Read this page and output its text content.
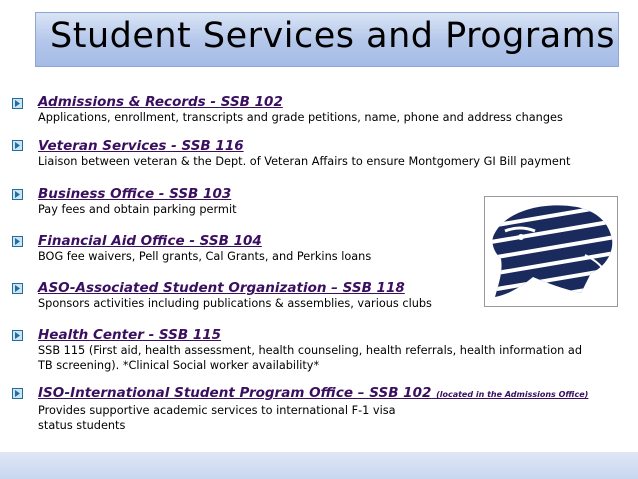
Student Services and Programs
Admissions & Records - SSB 102
Applications, enrollment, transcripts and grade petitions, name, phone and address changes
Veteran Services - SSB 116
Liaison between veteran & the Dept. of Veteran Affairs to ensure Montgomery GI Bill payment
Business Office - SSB 103
Pay fees and obtain parking permit
Financial Aid Office - SSB 104
BOG fee waivers, Pell grants, Cal Grants, and Perkins loans
ASO-Associated Student Organization – SSB 118
Sponsors activities including publications & assemblies, various clubs
Health Center - SSB 115
SSB 115 (First aid, health assessment, health counseling, health referrals, health information ad
TB screening). *Clinical Social worker availability*
ISO-International Student Program Office – SSB 102 (located in the Admissions Office)
Provides supportive academic services to international F-1 visa
status students
